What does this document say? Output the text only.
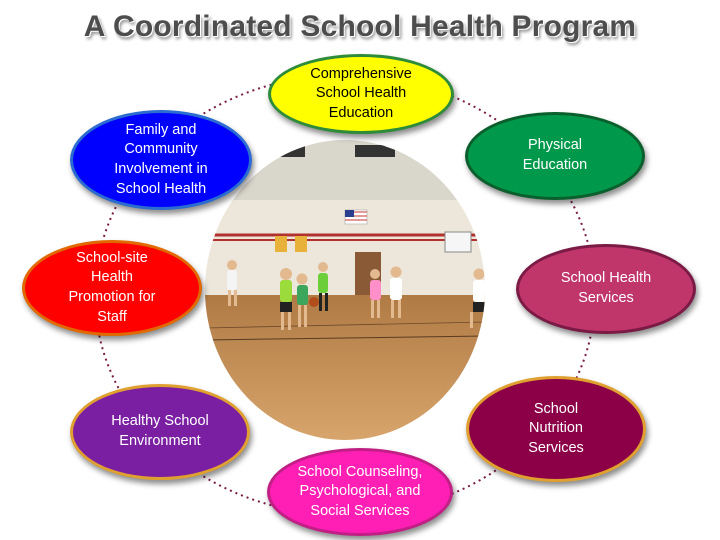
A Coordinated School Health Program
Comprehensive
School Health
Education
Physical
Education
School Health
Services
School
Nutrition
Services
School Counseling,
Psychological, and
Social Services
Healthy School
Environment
School-site
Health
Promotion for
Staff
Family and
Community
Involvement in
School Health
